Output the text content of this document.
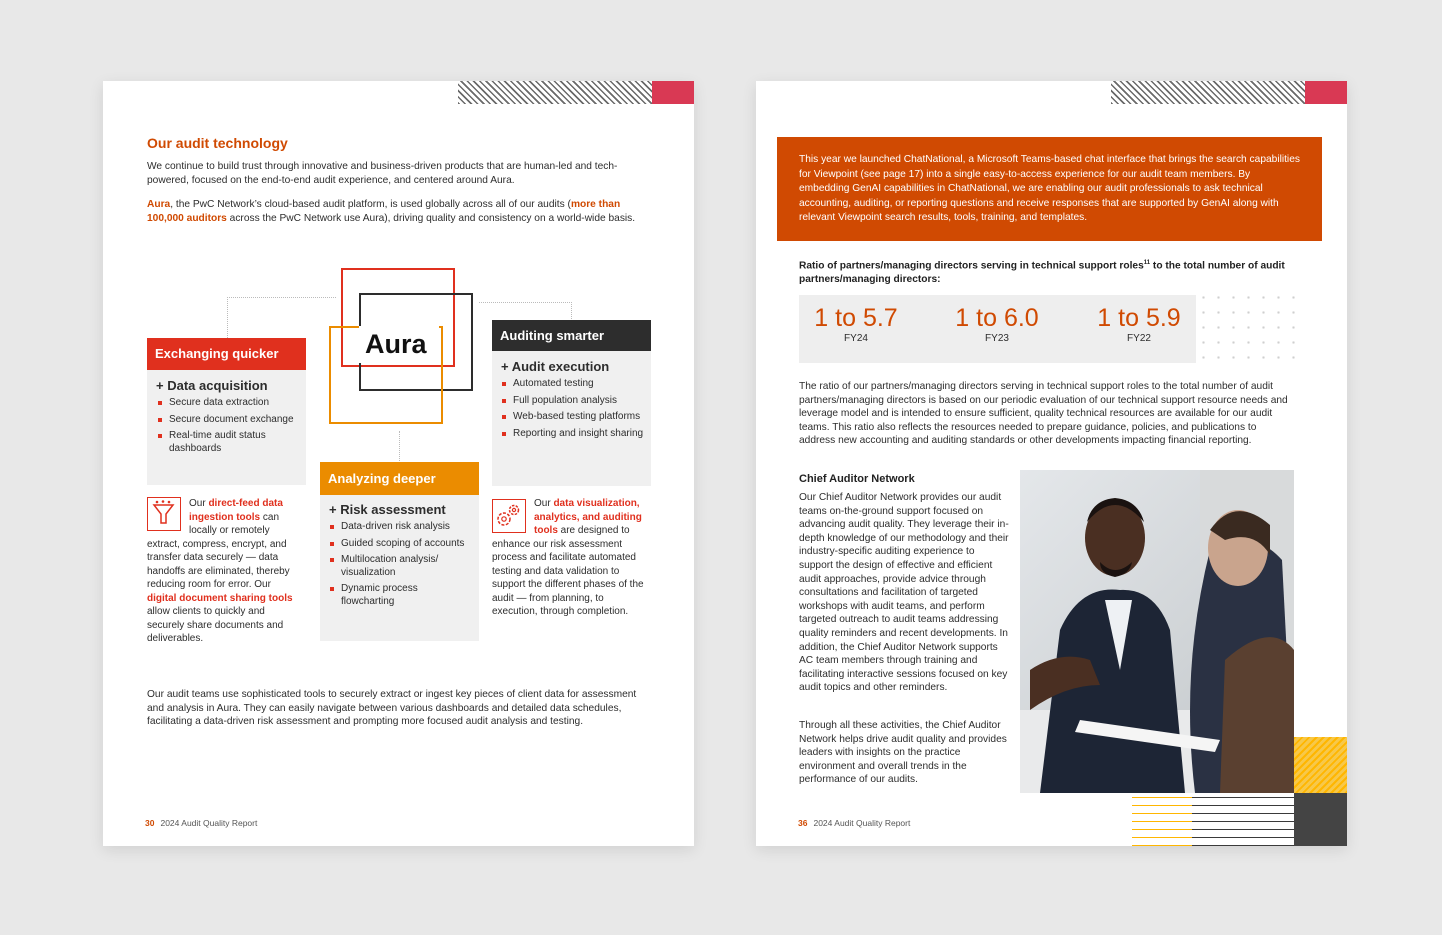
Our audit technology
We continue to build trust through innovative and business-driven products that are human-led and tech-powered, focused on the end-to-end audit experience, and centered around Aura.
Aura, the PwC Network’s cloud-based audit platform, is used globally across all of our audits (more than 100,000 auditors across the PwC Network use Aura), driving quality and consistency on a world-wide basis.
Aura
Exchanging quicker
+ Data acquisition
Secure data extraction
Secure document exchange
Real-time audit status dashboards
Analyzing deeper
+ Risk assessment
Data-driven risk analysis
Guided scoping of accounts
Multilocation analysis/ visualization
Dynamic process flowcharting
Auditing smarter
+ Audit execution
Automated testing
Full population analysis
Web-based testing platforms
Reporting and insight sharing
Our direct-feed data ingestion tools can locally or remotely extract, compress, encrypt, and transfer data securely — data handoffs are eliminated, thereby reducing room for error. Our digital document sharing tools allow clients to quickly and securely share documents and deliverables.
Our data visualization, analytics, and auditing tools are designed to enhance our risk assessment process and facilitate automated testing and data validation to support the different phases of the audit — from planning, to execution, through completion.
Our audit teams use sophisticated tools to securely extract or ingest key pieces of client data for assessment and analysis in Aura. They can easily navigate between various dashboards and detailed data schedules, facilitating a data-driven risk assessment and prompting more focused audit analysis and testing.
30 2024 Audit Quality Report
This year we launched ChatNational, a Microsoft Teams-based chat interface that brings the search capabilities for Viewpoint (see page 17) into a single easy-to-access experience for our audit team members. By embedding GenAI capabilities in ChatNational, we are enabling our audit professionals to ask technical accounting, auditing, or reporting questions and receive responses that are supported by GenAI along with relevant Viewpoint search results, tools, training, and templates.
Ratio of partners/managing directors serving in technical support roles$^{11}$ to the total number of audit partners/managing directors:
1 to 5.7
FY24
1 to 6.0
FY23
1 to 5.9
FY22
The ratio of our partners/managing directors serving in technical support roles to the total number of audit partners/managing directors is based on our periodic evaluation of our technical support resource needs and leverage model and is intended to ensure sufficient, quality technical resources are available for our audit teams. This ratio also reflects the resources needed to prepare guidance, policies, and publications to address new accounting and auditing standards or other developments impacting financial reporting.
Chief Auditor Network
Our Chief Auditor Network provides our audit teams on-the-ground support focused on advancing audit quality. They leverage their in-depth knowledge of our methodology and their industry-specific auditing experience to support the design of effective and efficient audit approaches, provide advice through consultations and facilitation of targeted workshops with audit teams, and perform targeted outreach to audit teams addressing quality reminders and recent developments. In addition, the Chief Auditor Network supports AC team members through training and facilitating interactive sessions focused on key audit topics and other reminders.
Through all these activities, the Chief Auditor Network helps drive audit quality and provides leaders with insights on the practice environment and overall trends in the performance of our audits.
36 2024 Audit Quality Report
